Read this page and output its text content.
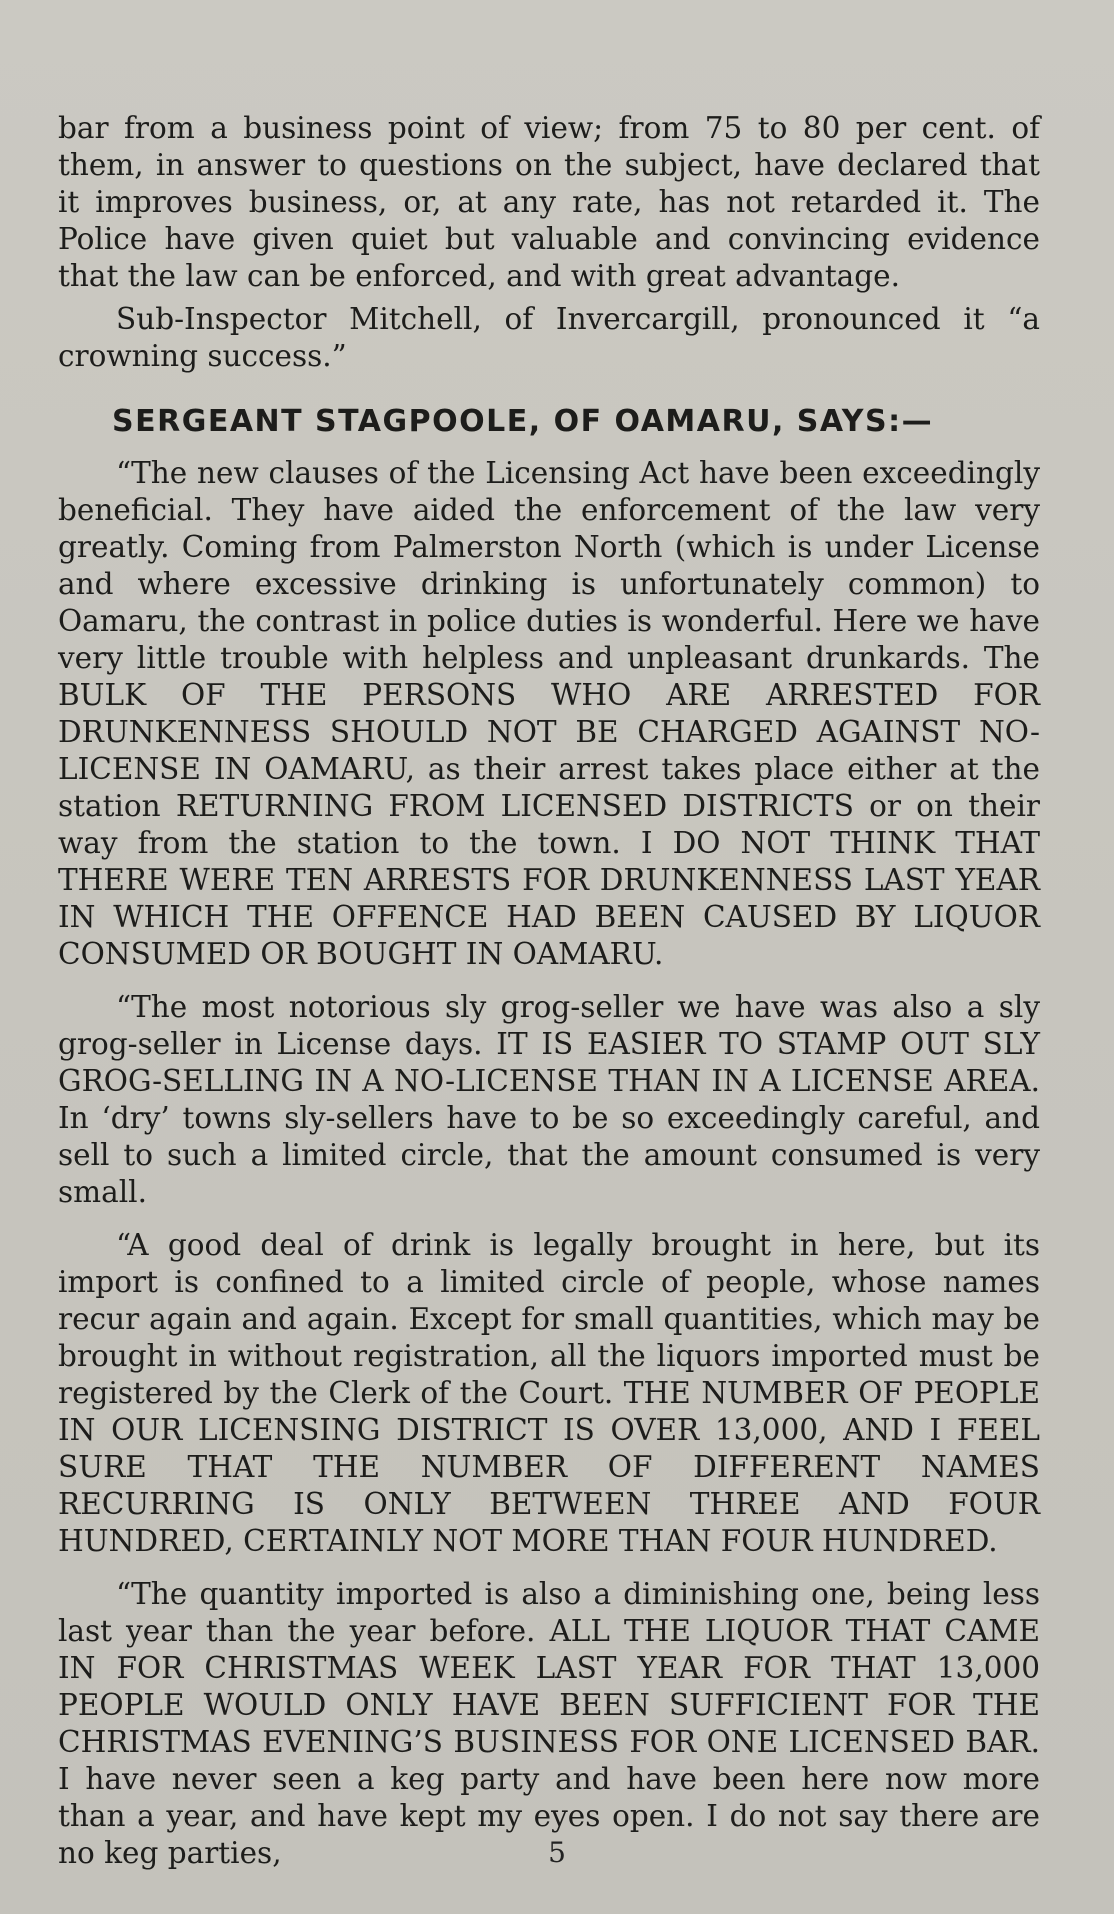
bar from a business point of view; from 75 to 80 per cent. of them, in answer to questions on the subject, have declared that it improves business, or, at any rate, has not retarded it. The Police have given quiet but valuable and convincing evidence that the law can be enforced, and with great advantage.

Sub-Inspector Mitchell, of Invercargill, pronounced it “a crowning success.”

SERGEANT STAGPOOLE, OF OAMARU, SAYS:—

“The new clauses of the Licensing Act have been exceedingly beneficial. They have aided the enforcement of the law very greatly. Coming from Palmerston North (which is under License and where excessive drinking is unfortunately common) to Oamaru, the contrast in police duties is wonderful. Here we have very little trouble with helpless and unpleasant drunkards. The BULK OF THE PERSONS WHO ARE ARRESTED FOR DRUNKENNESS SHOULD NOT BE CHARGED AGAINST NO-LICENSE IN OAMARU, as their arrest takes place either at the station RETURNING FROM LICENSED DISTRICTS or on their way from the station to the town. I DO NOT THINK THAT THERE WERE TEN ARRESTS FOR DRUNKENNESS LAST YEAR IN WHICH THE OFFENCE HAD BEEN CAUSED BY LIQUOR CONSUMED OR BOUGHT IN OAMARU.

“The most notorious sly grog-seller we have was also a sly grog-seller in License days. IT IS EASIER TO STAMP OUT SLY GROG-SELLING IN A NO-LICENSE THAN IN A LICENSE AREA. In ‘dry’ towns sly-sellers have to be so exceedingly careful, and sell to such a limited circle, that the amount consumed is very small.

“A good deal of drink is legally brought in here, but its import is confined to a limited circle of people, whose names recur again and again. Except for small quantities, which may be brought in without registration, all the liquors imported must be registered by the Clerk of the Court. THE NUMBER OF PEOPLE IN OUR LICENSING DISTRICT IS OVER 13,000, AND I FEEL SURE THAT THE NUMBER OF DIFFERENT NAMES RECURRING IS ONLY BETWEEN THREE AND FOUR HUNDRED, CERTAINLY NOT MORE THAN FOUR HUNDRED.

“The quantity imported is also a diminishing one, being less last year than the year before. ALL THE LIQUOR THAT CAME IN FOR CHRISTMAS WEEK LAST YEAR FOR THAT 13,000 PEOPLE WOULD ONLY HAVE BEEN SUFFICIENT FOR THE CHRISTMAS EVENING’S BUSINESS FOR ONE LICENSED BAR. I have never seen a keg party and have been here now more than a year, and have kept my eyes open. I do not say there are no keg parties,	5
